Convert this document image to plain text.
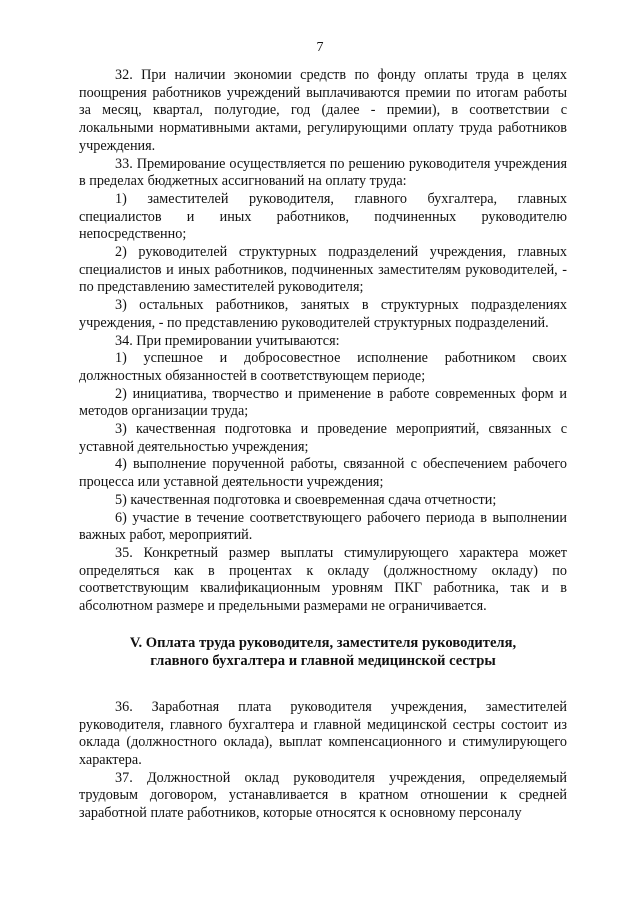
7

32. При наличии экономии средств по фонду оплаты труда в целях поощрения работников учреждений выплачиваются премии по итогам работы за месяц, квартал, полугодие, год (далее - премии), в соответствии с локальными нормативными актами, регулирующими оплату труда работников учреждения.

33. Премирование осуществляется по решению руководителя учреждения в пределах бюджетных ассигнований на оплату труда:

1) заместителей руководителя, главного бухгалтера, главных специалистов и иных работников, подчиненных руководителю непосредственно;

2) руководителей структурных подразделений учреждения, главных специалистов и иных работников, подчиненных заместителям руководителей, - по представлению заместителей руководителя;

3) остальных работников, занятых в структурных подразделениях учреждения, - по представлению руководителей структурных подразделений.

34. При премировании учитываются:

1) успешное и добросовестное исполнение работником своих должностных обязанностей в соответствующем периоде;

2) инициатива, творчество и применение в работе современных форм и методов организации труда;

3) качественная подготовка и проведение мероприятий, связанных с уставной деятельностью учреждения;

4) выполнение порученной работы, связанной с обеспечением рабочего процесса или уставной деятельности учреждения;

5) качественная подготовка и своевременная сдача отчетности;

6) участие в течение соответствующего рабочего периода в выполнении важных работ, мероприятий.

35. Конкретный размер выплаты стимулирующего характера может определяться как в процентах к окладу (должностному окладу) по соответствующим квалификационным уровням ПКГ работника, так и в абсолютном размере и предельными размерами не ограничивается.

V. Оплата труда руководителя, заместителя руководителя,
главного бухгалтера и главной медицинской сестры

36. Заработная плата руководителя учреждения, заместителей руководителя, главного бухгалтера и главной медицинской сестры состоит из оклада (должностного оклада), выплат компенсационного и стимулирующего характера.

37. Должностной оклад руководителя учреждения, определяемый трудовым договором, устанавливается в кратном отношении к средней заработной плате работников, которые относятся к основному персоналу
